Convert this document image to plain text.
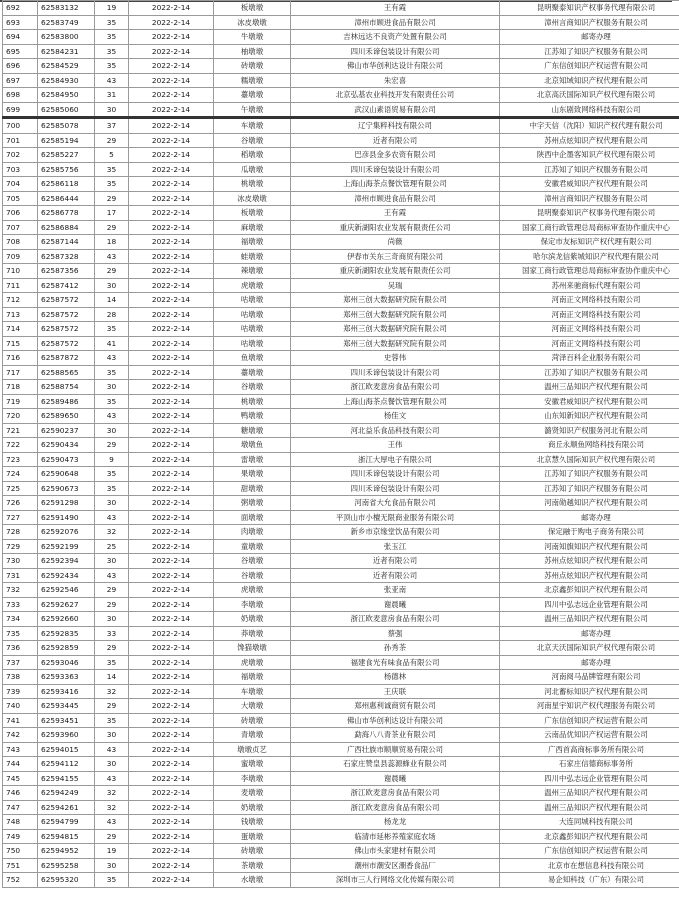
692	62583132	19	2022-2-14	板墩墩	王有霞	昆明聚泰知识产权事务代理有限公司
693	62583749	35	2022-2-14	冰皮墩墩	漳州市顾进食品有限公司	漳州言商知识产权服务有限公司
694	62583800	35	2022-2-14	牛墩墩	吉林远达不良资产处置有限公司	邮寄办理
695	62584231	35	2022-2-14	柚墩墩	四川禾谛包装设计有限公司	江苏知了知识产权服务有限公司
696	62584529	35	2022-2-14	砖墩墩	佛山市华创利达设计有限公司	广东信创知识产权运营有限公司
697	62584930	43	2022-2-14	糯墩墩	朱宏喜	北京知域知识产权代理有限公司
698	62584950	31	2022-2-14	薹墩墩	北京弘基农业科技开发有限责任公司	北京高沃国际知识产权代理有限公司
699	62585060	30	2022-2-14	午墩墩	武汉山素语贸易有限公司	山东剧致网络科技有限公司
700	62585078	37	2022-2-14	车墩墩	辽宁集粹科技有限公司	中字天信（沈阳）知识产权代理有限公司
701	62585194	29	2022-2-14	谷墩墩	近者有限公司	苏州点炫知识产权代理有限公司
702	62585227	5	2022-2-14	稻墩墩	巴彦县金多农资有限公司	陕西中企墨客知识产权代理有限公司
703	62585756	35	2022-2-14	瓜墩墩	四川禾谛包装设计有限公司	江苏知了知识产权服务有限公司
704	62586118	35	2022-2-14	桃墩墩	上海山海茶点餐饮管理有限公司	安徽君威知识产权代理有限公司
705	62586444	29	2022-2-14	冰皮墩墩	漳州市顾进食品有限公司	漳州言商知识产权服务有限公司
706	62586778	17	2022-2-14	板墩墩	王有霞	昆明聚泰知识产权事务代理有限公司
707	62586884	29	2022-2-14	麻墩墩	重庆新湖阳农业发展有限责任公司	国家工商行政管理总局商标审查协作重庆中心
708	62587144	18	2022-2-14	福墩墩	尚薇	保定市友标知识产权代理有限公司
709	62587328	43	2022-2-14	蛙墩墩	伊春市关东三奇商贸有限公司	哈尔滨龙信紫城知识产权代理有限公司
710	62587356	29	2022-2-14	辣墩墩	重庆新湖阳农业发展有限责任公司	国家工商行政管理总局商标审查协作重庆中心
711	62587412	30	2022-2-14	虎墩墩	吴瑞	苏州来驰商标代理有限公司
712	62587572	14	2022-2-14	咕墩墩	郑州三创大数据研究院有限公司	河南正文网络科技有限公司
713	62587572	28	2022-2-14	咕墩墩	郑州三创大数据研究院有限公司	河南正文网络科技有限公司
714	62587572	35	2022-2-14	咕墩墩	郑州三创大数据研究院有限公司	河南正文网络科技有限公司
715	62587572	41	2022-2-14	咕墩墩	郑州三创大数据研究院有限公司	河南正文网络科技有限公司
716	62587872	43	2022-2-14	鱼墩墩	史蓉伟	菏泽百科企业服务有限公司
717	62588565	35	2022-2-14	薹墩墩	四川禾谛包装设计有限公司	江苏知了知识产权服务有限公司
718	62588754	30	2022-2-14	谷墩墩	浙江欧麦意房食品有限公司	温州三品知识产权代理有限公司
719	62589486	35	2022-2-14	桃墩墩	上海山海茶点餐饮管理有限公司	安徽君威知识产权代理有限公司
720	62589650	43	2022-2-14	鸭墩墩	杨佳文	山东知新知识产权代理有限公司
721	62590237	30	2022-2-14	糖墩墩	河北益乐食品科技有限公司	潞贤知识产权服务河北有限公司
722	62590434	29	2022-2-14	墩墩鱼	王伟	商丘永顺鱼网络科技有限公司
723	62590473	9	2022-2-14	雷墩墩	浙江大厚电子有限公司	北京慧久国际知识产权代理有限公司
724	62590648	35	2022-2-14	果墩墩	四川禾谛包装设计有限公司	江苏知了知识产权服务有限公司
725	62590673	35	2022-2-14	甜墩墩	四川禾谛包装设计有限公司	江苏知了知识产权服务有限公司
726	62591298	30	2022-2-14	粥墩墩	河南省大允食品有限公司	河南勋越知识产权代理有限公司
727	62591490	43	2022-2-14	面墩墩	平顶山市小檀无限商业服务有限公司	邮寄办理
728	62592076	32	2022-2-14	肉墩墩	新乡市京缘堂饮品有限公司	保定融于购电子商务有限公司
729	62592199	25	2022-2-14	童墩墩	张玉江	河南知旗知识产权代理有限公司
730	62592394	30	2022-2-14	谷墩墩	近者有限公司	苏州点炫知识产权代理有限公司
731	62592434	43	2022-2-14	谷墩墩	近者有限公司	苏州点炫知识产权代理有限公司
732	62592546	29	2022-2-14	虎墩墩	张亚南	北京鑫彭知识产权代理有限公司
733	62592627	29	2022-2-14	李墩墩	谢晨曦	四川中弘志远企业管理有限公司
734	62592660	30	2022-2-14	奶墩墩	浙江欧麦意房食品有限公司	温州三品知识产权代理有限公司
735	62592835	33	2022-2-14	莽墩墩	蔡强	邮寄办理
736	62592859	29	2022-2-14	馋猫墩墩	孙秀茶	北京天沃国际知识产权代理有限公司
737	62593046	35	2022-2-14	虎墩墩	福建食光有味食品有限公司	邮寄办理
738	62593363	14	2022-2-14	福墩墩	杨德林	河南阅马品牌管理有限公司
739	62593416	32	2022-2-14	车墩墩	王庆联	河北蓄标知识产权代理有限公司
740	62593445	29	2022-2-14	大墩墩	郑州惠利诚商贸有限公司	河南星宇知识产权代理服务有限公司
741	62593451	35	2022-2-14	砖墩墩	佛山市华创利达设计有限公司	广东信创知识产权运营有限公司
742	62593960	30	2022-2-14	青墩墩	勐海八八青茶业有限公司	云南品优知识产权运营有限公司
743	62594015	43	2022-2-14	墩墩贞艺	广西壮族市顺顺贸易有限公司	广西首高商标事务所有限公司
744	62594112	30	2022-2-14	蜜墩墩	石家庄赞皇县蕊源蜂业有限公司	石家庄信德商标事务所
745	62594155	43	2022-2-14	李墩墩	谢晨曦	四川中弘志远企业管理有限公司
746	62594249	32	2022-2-14	麦墩墩	浙江欧麦意房食品有限公司	温州三品知识产权代理有限公司
747	62594261	32	2022-2-14	奶墩墩	浙江欧麦意房食品有限公司	温州三品知识产权代理有限公司
748	62594799	43	2022-2-14	钱墩墩	杨龙龙	大连同城科技有限公司
749	62594815	29	2022-2-14	蛋墩墩	临清市延彬养殖家庭农场	北京鑫彭知识产权代理有限公司
750	62594952	19	2022-2-14	砖墩墩	佛山市头家建材有限公司	广东信创知识产权运营有限公司
751	62595258	30	2022-2-14	茶墩墩	潮州市潮安区潮香食品厂	北京市在想信息科技有限公司
752	62595320	35	2022-2-14	水墩墩	深圳市三人行网络文化传媒有限公司	易企知科技（广东）有限公司
